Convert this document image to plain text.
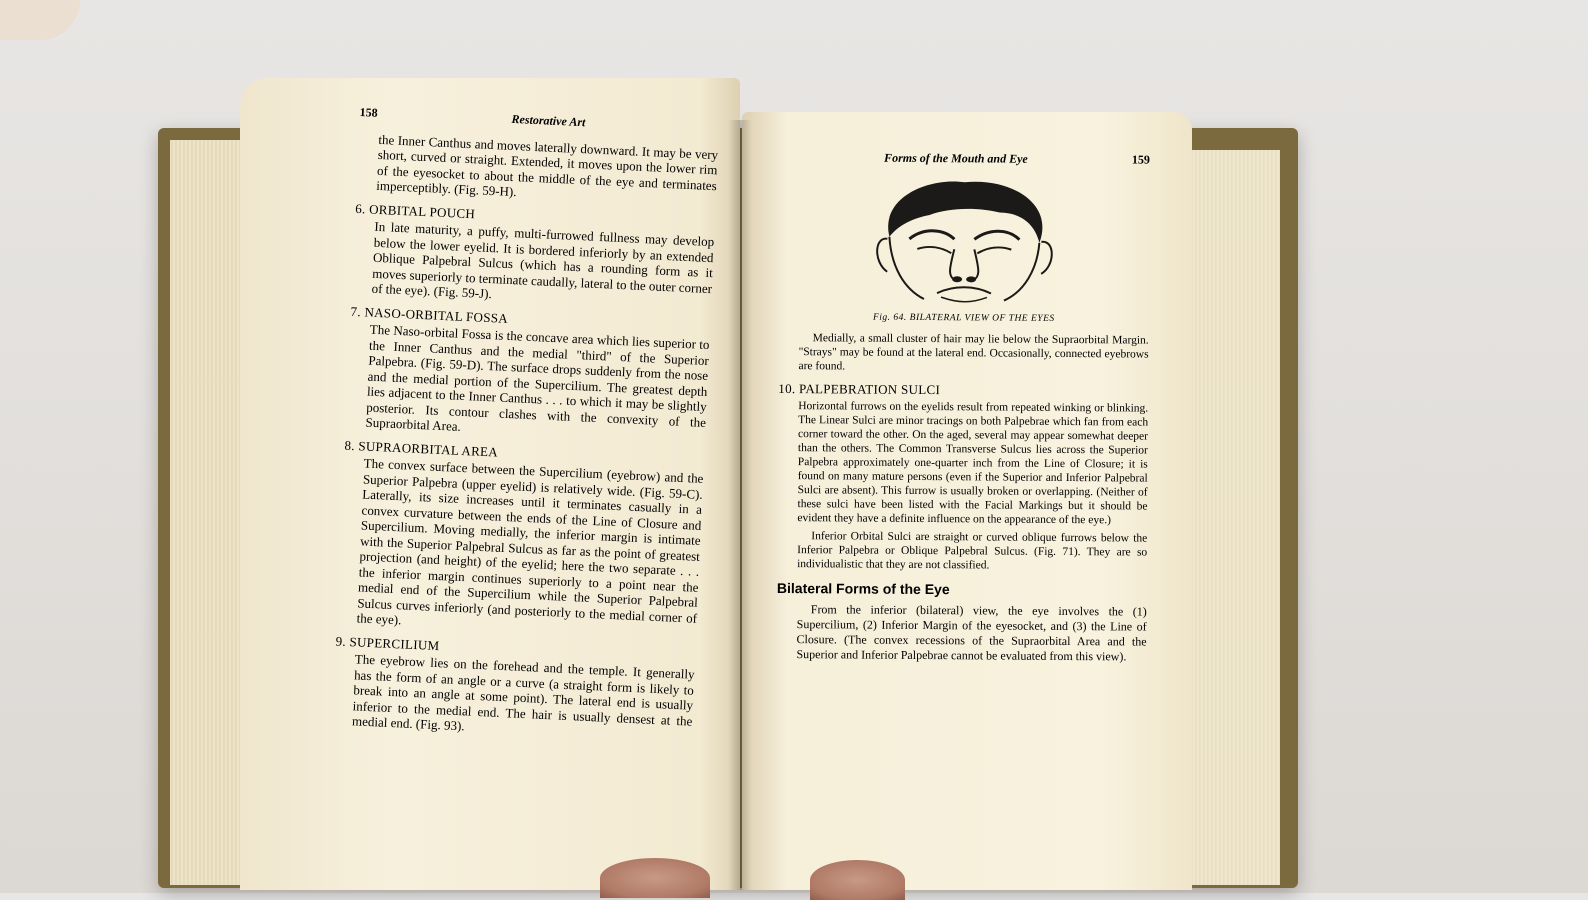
158	Restorative Art

the Inner Canthus and moves laterally downward. It may be very short, curved or straight. Extended, it moves upon the lower rim of the eyesocket to about the middle of the eye and terminates imperceptibly. (Fig. 59-H).

6. ORBITAL POUCH

In late maturity, a puffy, multi-furrowed fullness may develop below the lower eyelid. It is bordered inferiorly by an extended Oblique Palpebral Sulcus (which has a rounding form as it moves superiorly to terminate caudally, lateral to the outer corner of the eye). (Fig. 59-J).

7. NASO-ORBITAL FOSSA

The Naso-orbital Fossa is the concave area which lies superior to the Inner Canthus and the medial "third" of the Superior Palpebra. (Fig. 59-D). The surface drops suddenly from the nose and the medial portion of the Supercilium. The greatest depth lies adjacent to the Inner Canthus . . . to which it may be slightly posterior. Its contour clashes with the convexity of the Supraorbital Area.

8. SUPRAORBITAL AREA

The convex surface between the Supercilium (eyebrow) and the Superior Palpebra (upper eyelid) is relatively wide. (Fig. 59-C). Laterally, its size increases until it terminates casually in a convex curvature between the ends of the Line of Closure and Supercilium. Moving medially, the inferior margin is intimate with the Superior Palpebral Sulcus as far as the point of greatest projection (and height) of the eyelid; here the two separate . . . the inferior margin continues superiorly to a point near the medial end of the Supercilium while the Superior Palpebral Sulcus curves inferiorly (and posteriorly to the medial corner of the eye).

9. SUPERCILIUM

The eyebrow lies on the forehead and the temple. It generally has the form of an angle or a curve (a straight form is likely to break into an angle at some point). The lateral end is usually inferior to the medial end. The hair is usually densest at the medial end. (Fig. 93).

Forms of the Mouth and Eye	159
Fig. 64. BILATERAL VIEW OF THE EYES

Medially, a small cluster of hair may lie below the Supraorbital Margin. "Strays" may be found at the lateral end. Occasionally, connected eyebrows are found.

10. PALPEBRATION SULCI

Horizontal furrows on the eyelids result from repeated winking or blinking. The Linear Sulci are minor tracings on both Palpebrae which fan from each corner toward the other. On the aged, several may appear somewhat deeper than the others. The Common Transverse Sulcus lies across the Superior Palpebra approximately one-quarter inch from the Line of Closure; it is found on many mature persons (even if the Superior and Inferior Palpebral Sulci are absent). This furrow is usually broken or overlapping. (Neither of these sulci have been listed with the Facial Markings but it should be evident they have a definite influence on the appearance of the eye.)

Inferior Orbital Sulci are straight or curved oblique furrows below the Inferior Palpebra or Oblique Palpebral Sulcus. (Fig. 71). They are so individualistic that they are not classified.

Bilateral Forms of the Eye

From the inferior (bilateral) view, the eye involves the (1) Supercilium, (2) Inferior Margin of the eyesocket, and (3) the Line of Closure. (The convex recessions of the Supraorbital Area and the Superior and Inferior Palpebrae cannot be evaluated from this view).
